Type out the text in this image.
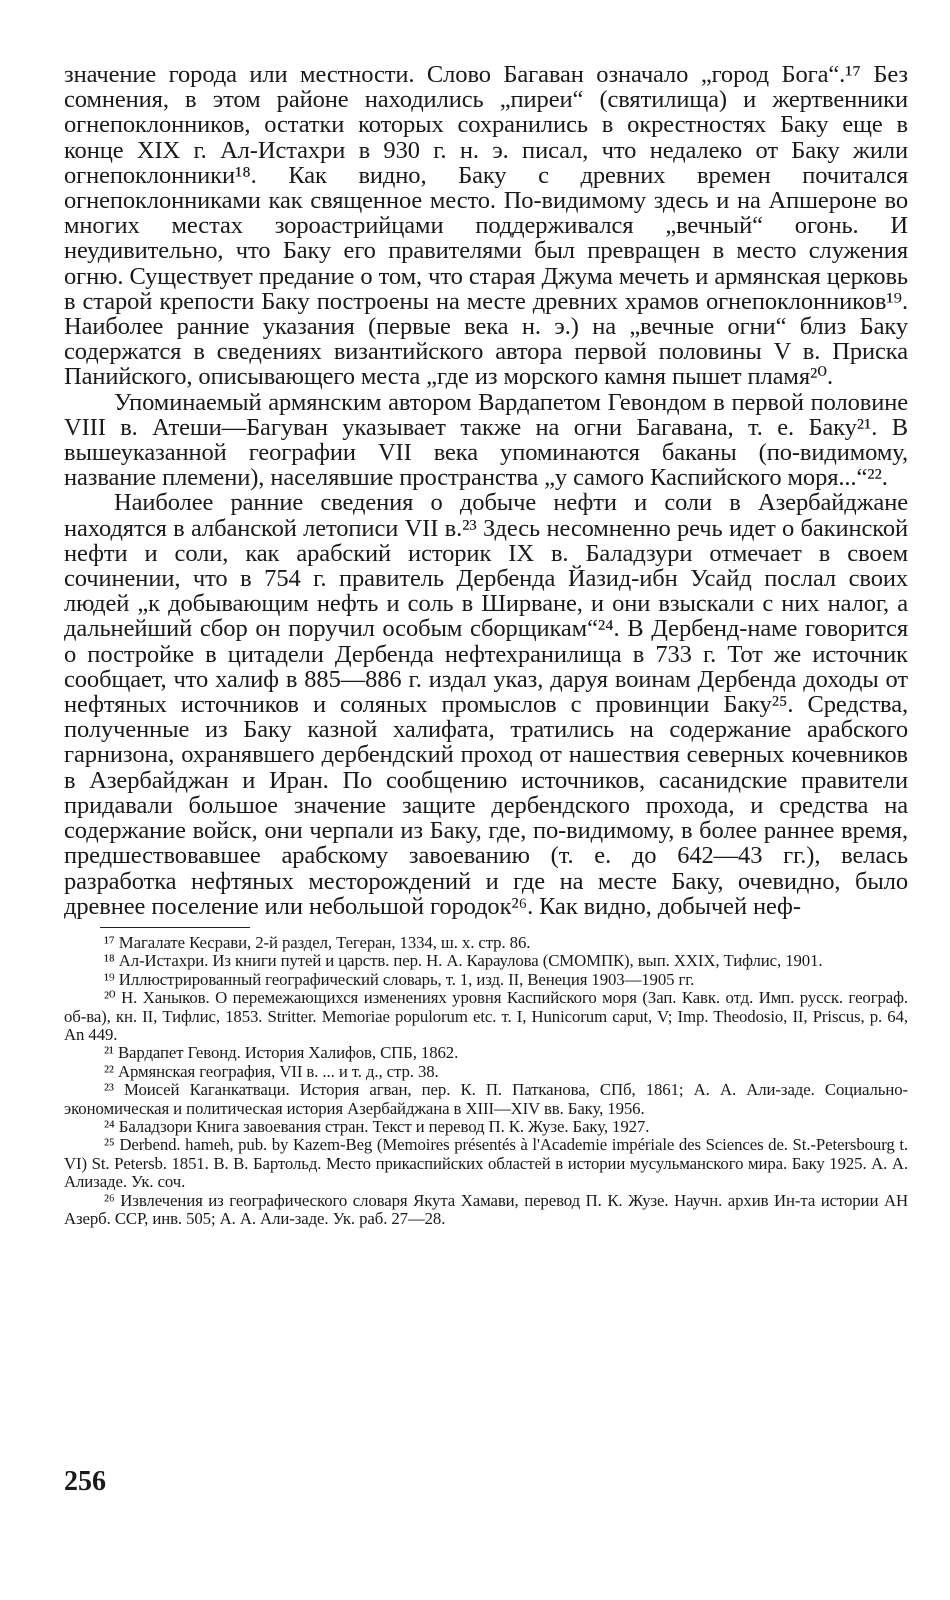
значение города или местности. Слово Багаван означало „город Бога“.¹⁷ Без сомнения, в этом районе находились „пиреи“ (святилища) и жертвенники огнепоклонников, остатки которых сохранились в окрестностях Баку еще в конце XIX г. Ал-Истахри в 930 г. н. э. писал, что недалеко от Баку жили огнепоклонники¹⁸. Как видно, Баку с древних времен почитался огнепоклонниками как священное место. По-видимому здесь и на Апшероне во многих местах зороастрийцами поддерживался „вечный“ огонь. И неудивительно, что Баку его правителями был превращен в место служения огню. Существует предание о том, что старая Джума мечеть и армянская церковь в старой крепости Баку построены на месте древних храмов огнепоклонников¹⁹. Наиболее ранние указания (первые века н. э.) на „вечные огни“ близ Баку содержатся в сведениях византийского автора первой половины V в. Приска Панийского, описывающего места „где из морского камня пышет пламя²⁰.

Упоминаемый армянским автором Вардапетом Гевондом в первой половине VIII в. Атеши—Багуван указывает также на огни Багавана, т. е. Баку²¹. В вышеуказанной географии VII века упоминаются баканы (по-видимому, название племени), населявшие пространства „у самого Каспийского моря...“²².

Наиболее ранние сведения о добыче нефти и соли в Азербайджане находятся в албанской летописи VII в.²³ Здесь несомненно речь идет о бакинской нефти и соли, как арабский историк IX в. Баладзури отмечает в своем сочинении, что в 754 г. правитель Дербенда Йазид-ибн Усайд послал своих людей „к добывающим нефть и соль в Ширване, и они взыскали с них налог, а дальнейший сбор он поручил особым сборщикам“²⁴. В Дербенд-наме говорится о постройке в цитадели Дербенда нефтехранилища в 733 г. Тот же источник сообщает, что халиф в 885—886 г. издал указ, даруя воинам Дербенда доходы от нефтяных источников и соляных промыслов с провинции Баку²⁵. Средства, полученные из Баку казной халифата, тратились на содержание арабского гарнизона, охранявшего дербендский проход от нашествия северных кочевников в Азербайджан и Иран. По сообщению источников, сасанидские правители придавали большое значение защите дербендского прохода, и средства на содержание войск, они черпали из Баку, где, по-видимому, в более раннее время, предшествовавшее арабскому завоеванию (т. е. до 642—43 гг.), велась разработка нефтяных месторождений и где на месте Баку, очевидно, было древнее поселение или небольшой городок²⁶. Как видно, добычей неф-

¹⁷ Магалате Кесрави, 2-й раздел, Тегеран, 1334, ш. х. стр. 86.

¹⁸ Ал-Истахри. Из книги путей и царств. пер. Н. А. Караулова (СМОМПК), вып. XXIX, Тифлис, 1901.

¹⁹ Иллюстрированный географический словарь, т. 1, изд. II, Венеция 1903—1905 гг.

²⁰ Н. Ханыков. О перемежающихся изменениях уровня Каспийского моря (Зап. Кавк. отд. Имп. русск. географ. об-ва), кн. II, Тифлис, 1853. Stritter. Memoriae populorum etc. т. I, Hunicorum caput, V; Imp. Theodosio, II, Priscus, p. 64, An 449.

²¹ Вардапет Гевонд. История Халифов, СПБ, 1862.

²² Армянская география, VII в. ... и т. д., стр. 38.

²³ Моисей Каганкатваци. История агван, пер. К. П. Патканова, СПб, 1861; А. А. Али-заде. Социально-экономическая и политическая история Азербайджана в XIII—XIV вв. Баку, 1956.

²⁴ Баладзори Книга завоевания стран. Текст и перевод П. К. Жузе. Баку, 1927.

²⁵ Derbend. hameh, pub. by Kazem-Beg (Memoires présentés à l'Academie impériale des Sciences de. St.-Petersbourg t. VI) St. Petersb. 1851. В. В. Бартольд. Место прикаспийских областей в истории мусульманского мира. Баку 1925. А. А. Ализаде. Ук. соч.

²⁶ Извлечения из географического словаря Якута Хамави, перевод П. К. Жузе. Научн. архив Ин-та истории АН Азерб. ССР, инв. 505; А. А. Али-заде. Ук. раб. 27—28.

256
